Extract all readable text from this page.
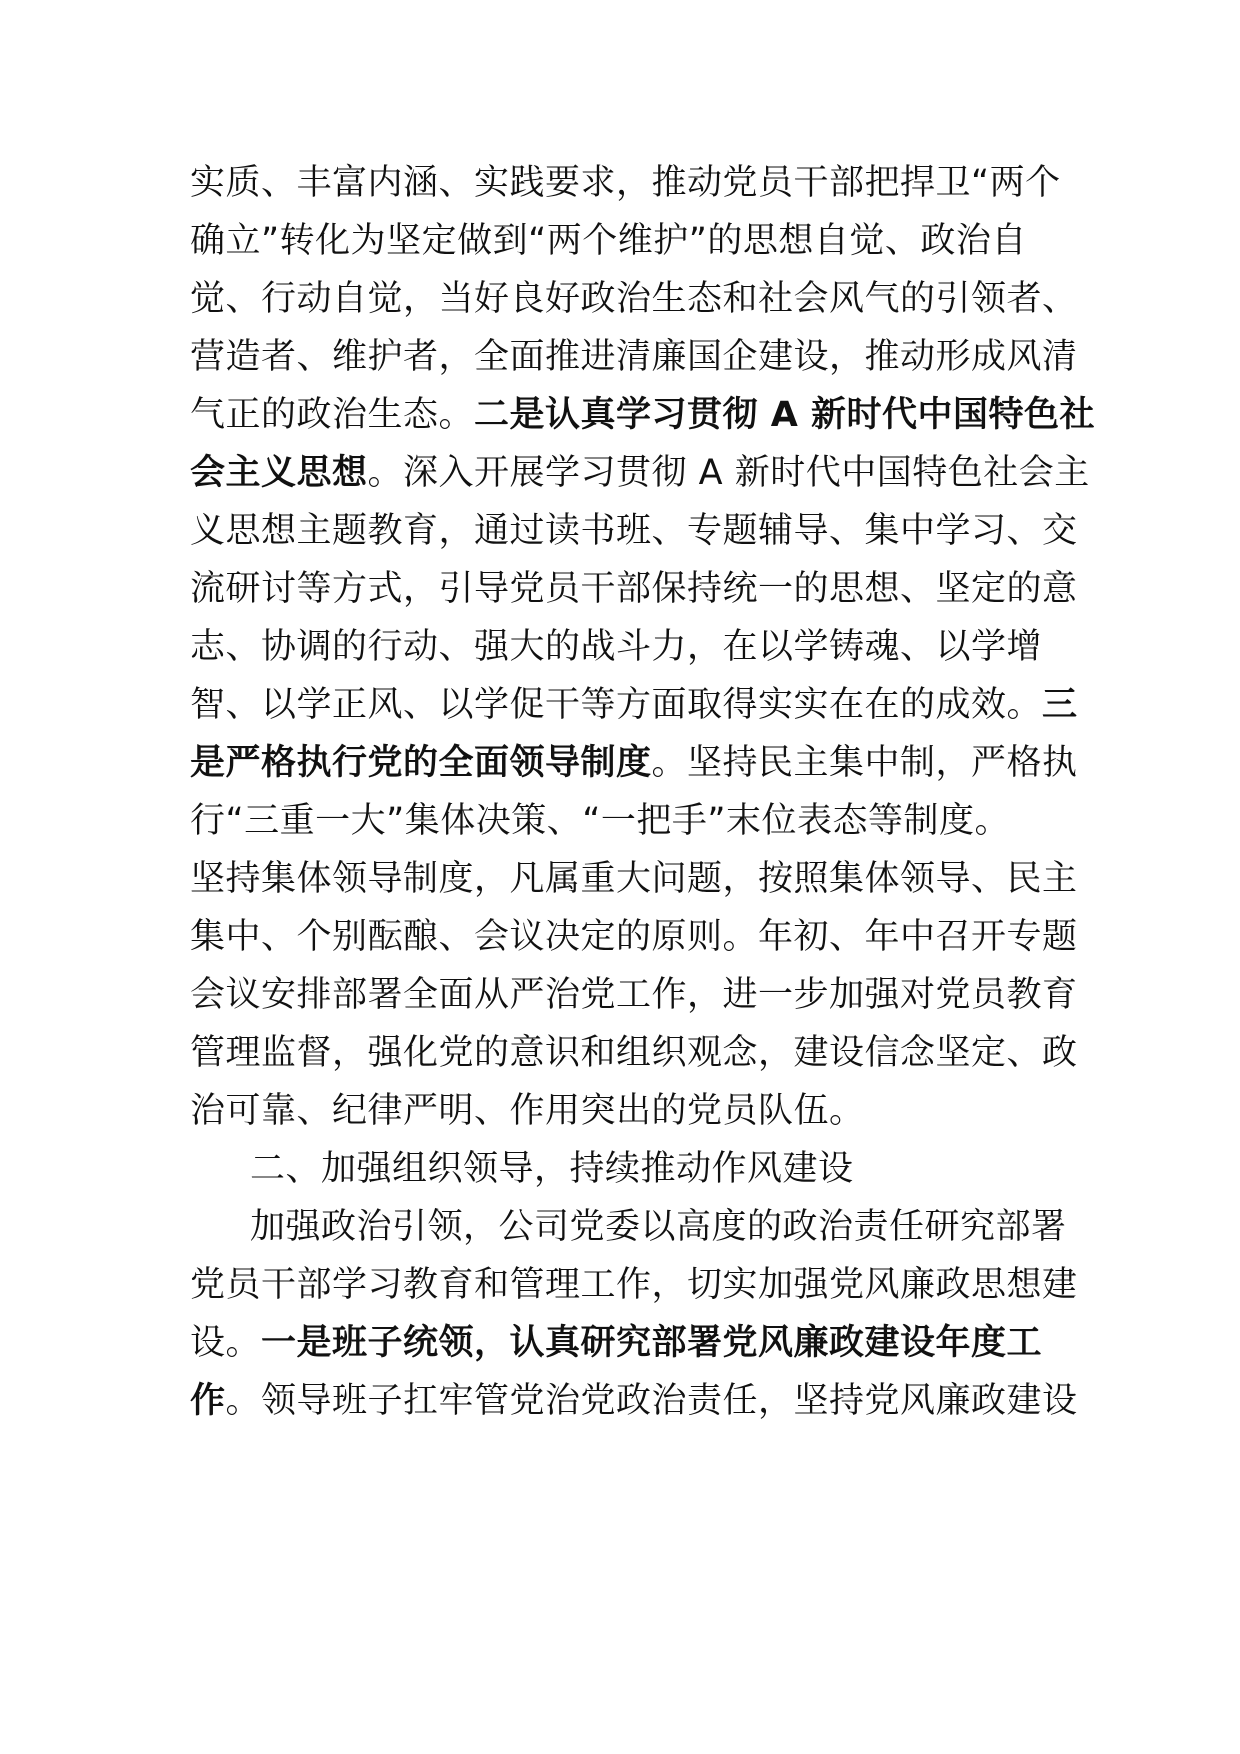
实质、丰富内涵、实践要求，推动党员干部把捍卫“两个
确立”转化为坚定做到“两个维护”的思想自觉、政治自
觉、行动自觉，当好良好政治生态和社会风气的引领者、
营造者、维护者，全面推进清廉国企建设，推动形成风清
气正的政治生态。二是认真学习贯彻 A 新时代中国特色社
会主义思想。深入开展学习贯彻 A 新时代中国特色社会主
义思想主题教育，通过读书班、专题辅导、集中学习、交
流研讨等方式，引导党员干部保持统一的思想、坚定的意
志、协调的行动、强大的战斗力，在以学铸魂、以学增
智、以学正风、以学促干等方面取得实实在在的成效。三
是严格执行党的全面领导制度。坚持民主集中制，严格执
行“三重一大”集体决策、“一把手”末位表态等制度。
坚持集体领导制度，凡属重大问题，按照集体领导、民主
集中、个别酝酿、会议决定的原则。年初、年中召开专题
会议安排部署全面从严治党工作，进一步加强对党员教育
管理监督，强化党的意识和组织观念，建设信念坚定、政
治可靠、纪律严明、作用突出的党员队伍。
二、加强组织领导，持续推动作风建设
加强政治引领，公司党委以高度的政治责任研究部署
党员干部学习教育和管理工作，切实加强党风廉政思想建
设。一是班子统领，认真研究部署党风廉政建设年度工
作。领导班子扛牢管党治党政治责任，坚持党风廉政建设
